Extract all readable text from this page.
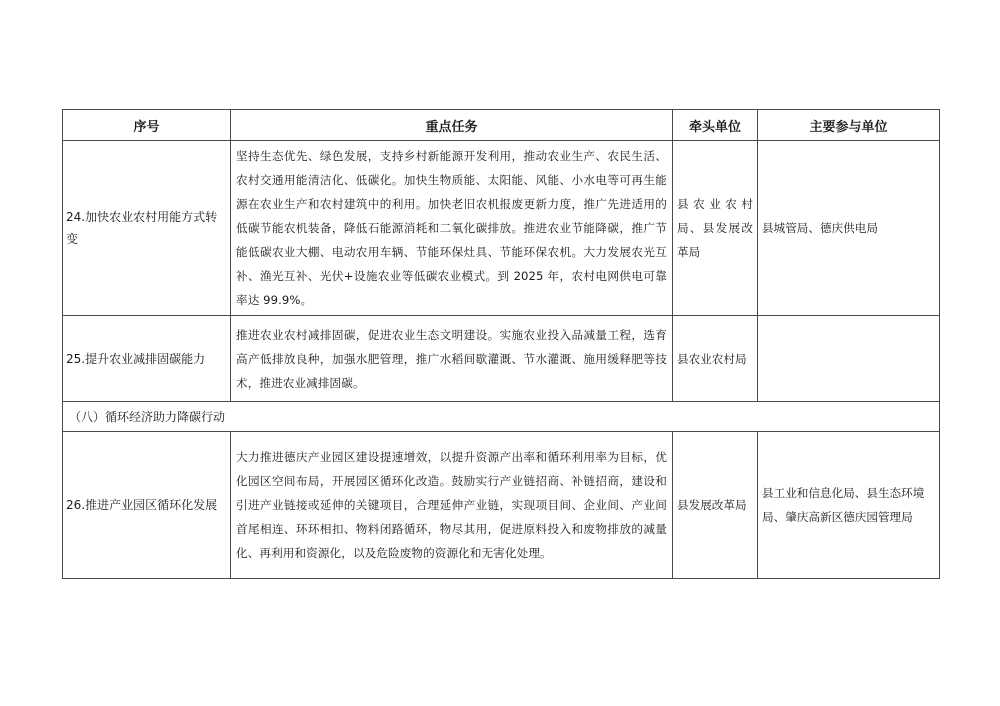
序号	重点任务	牵头单位	主要参与单位
24.加快农业农村用能方式转变	坚持生态优先、绿色发展，支持乡村新能源开发利用，推动农业生产、农民生活、农村交通用能清洁化、低碳化。加快生物质能、太阳能、风能、小水电等可再生能源在农业生产和农村建筑中的利用。加快老旧农机报废更新力度，推广先进适用的低碳节能农机装备，降低石能源消耗和二氧化碳排放。推进农业节能降碳，推广节能低碳农业大棚、电动农用车辆、节能环保灶具、节能环保农机。大力发展农光互补、渔光互补、光伏+设施农业等低碳农业模式。到 2025 年，农村电网供电可靠率达 99.9%。	县农业农村局、县发展改革局	县城管局、德庆供电局
25.提升农业减排固碳能力	推进农业农村减排固碳，促进农业生态文明建设。实施农业投入品减量工程，选育高产低排放良种，加强水肥管理，推广水稻间歇灌溉、节水灌溉、施用缓释肥等技术，推进农业减排固碳。	县农业农村局	
（八）循环经济助力降碳行动			
26.推进产业园区循环化发展	大力推进德庆产业园区建设提速增效，以提升资源产出率和循环利用率为目标，优化园区空间布局，开展园区循环化改造。鼓励实行产业链招商、补链招商，建设和引进产业链接或延伸的关键项目，合理延伸产业链，实现项目间、企业间、产业间首尾相连、环环相扣、物料闭路循环，物尽其用，促进原料投入和废物排放的减量化、再利用和资源化，以及危险废物的资源化和无害化处理。	县发展改革局	县工业和信息化局、县生态环境局、肇庆高新区德庆园管理局
